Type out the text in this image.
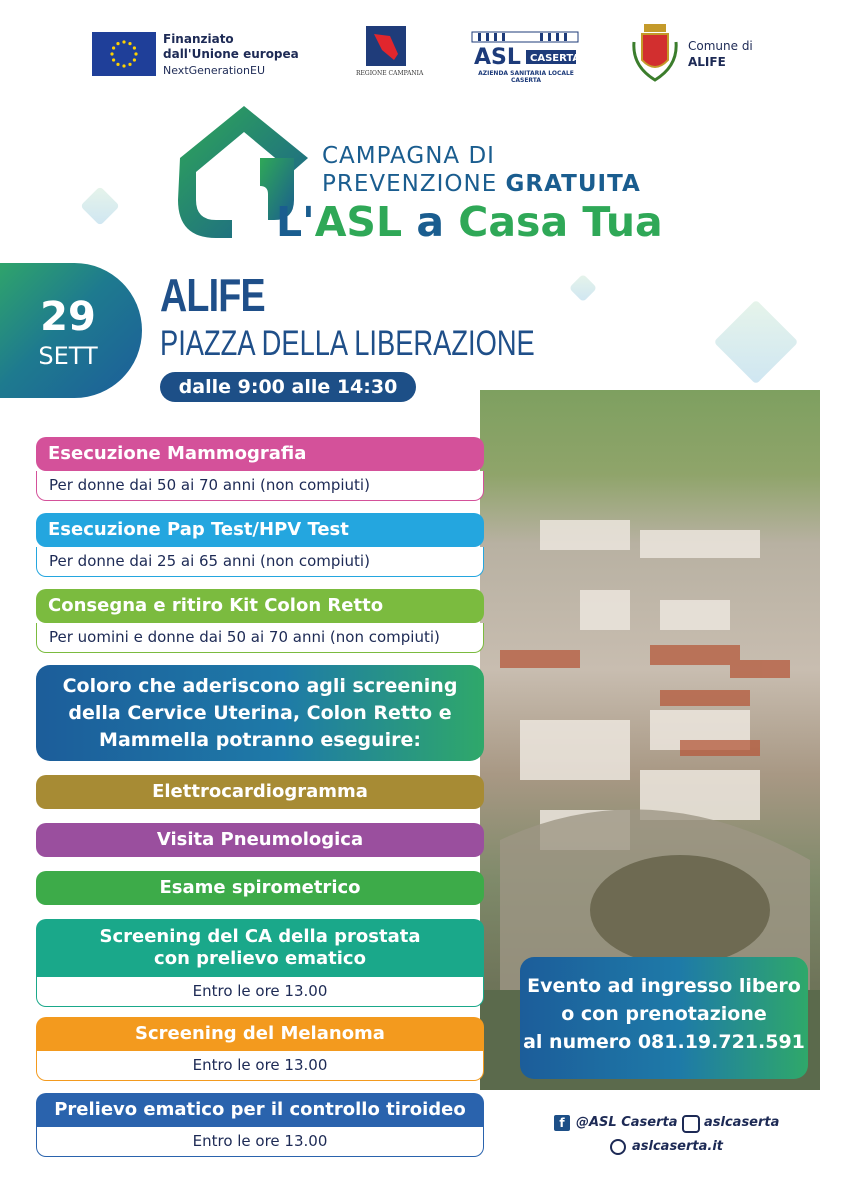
Finanziato
dall'Unione europea
NextGenerationEU	REGIONE CAMPANIA
ASL CASERTA
AZIENDA SANITARIA LOCALE CASERTA
Comune di
ALIFE
CAMPAGNA DI
PREVENZIONE GRATUITA
L'ASL a Casa Tua
29
SETT
ALIFE
PIAZZA DELLA LIBERAZIONE
dalle 9:00 alle 14:30
Esecuzione Mammografia
Per donne dai 50 ai 70 anni (non compiuti)
Esecuzione Pap Test/HPV Test
Per donne dai 25 ai 65 anni (non compiuti)
Consegna e ritiro Kit Colon Retto
Per uomini e donne dai 50 ai 70 anni (non compiuti)
Coloro che aderiscono agli screening
della Cervice Uterina, Colon Retto e
Mammella potranno eseguire:
Elettrocardiogramma
Visita Pneumologica
Esame spirometrico
Screening del CA della prostata
con prelievo ematico
Entro le ore 13.00
Screening del Melanoma
Entro le ore 13.00
Prelievo ematico per il controllo tiroideo
Entro le ore 13.00
Evento ad ingresso libero
o con prenotazione
al numero 081.19.721.591
f @ASL Caserta aslcaserta
aslcaserta.it
